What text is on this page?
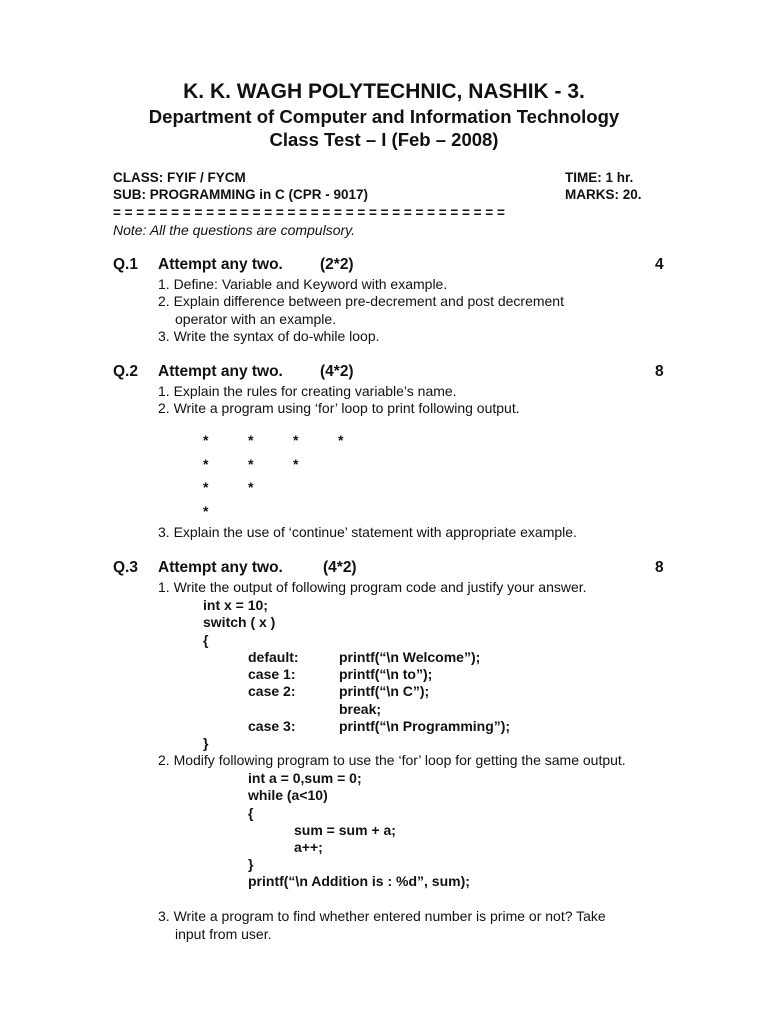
K. K. WAGH POLYTECHNIC, NASHIK - 3.
Department of Computer and Information Technology
Class Test – I (Feb – 2008)
CLASS: FYIF / FYCM	TIME: 1 hr.
SUB: PROGRAMMING in C (CPR - 9017)	MARKS: 20.
= = = = = = = = = = = = = = = = = = = = = = = = = = = = = = = = = =
Note: All the questions are compulsory.
Q.1 Attempt any two. (2*2)	4
1. Define: Variable and Keyword with example.
2. Explain difference between pre-decrement and post decrement
operator with an example.
3. Write the syntax of do-while loop.
Q.2 Attempt any two. (4*2)	8
1. Explain the rules for creating variable’s name.
2. Write a program using ‘for’ loop to print following output.
*	*	*	*
*	*	*
*	*
*
3. Explain the use of ‘continue’ statement with appropriate example.
Q.3 Attempt any two.	(4*2)	8
1. Write the output of following program code and justify your answer.
int x = 10;
switch ( x )
{
default:	printf(“\n Welcome”);
case 1:	printf(“\n to”);
case 2:	printf(“\n C”);
break;
case 3:	printf(“\n Programming”);
}
2. Modify following program to use the ‘for’ loop for getting the same output.
int a = 0,sum = 0;
while (a<10)
{
sum = sum + a;
a++;
}
printf(“\n Addition is : %d”, sum);
3. Write a program to find whether entered number is prime or not? Take
input from user.
